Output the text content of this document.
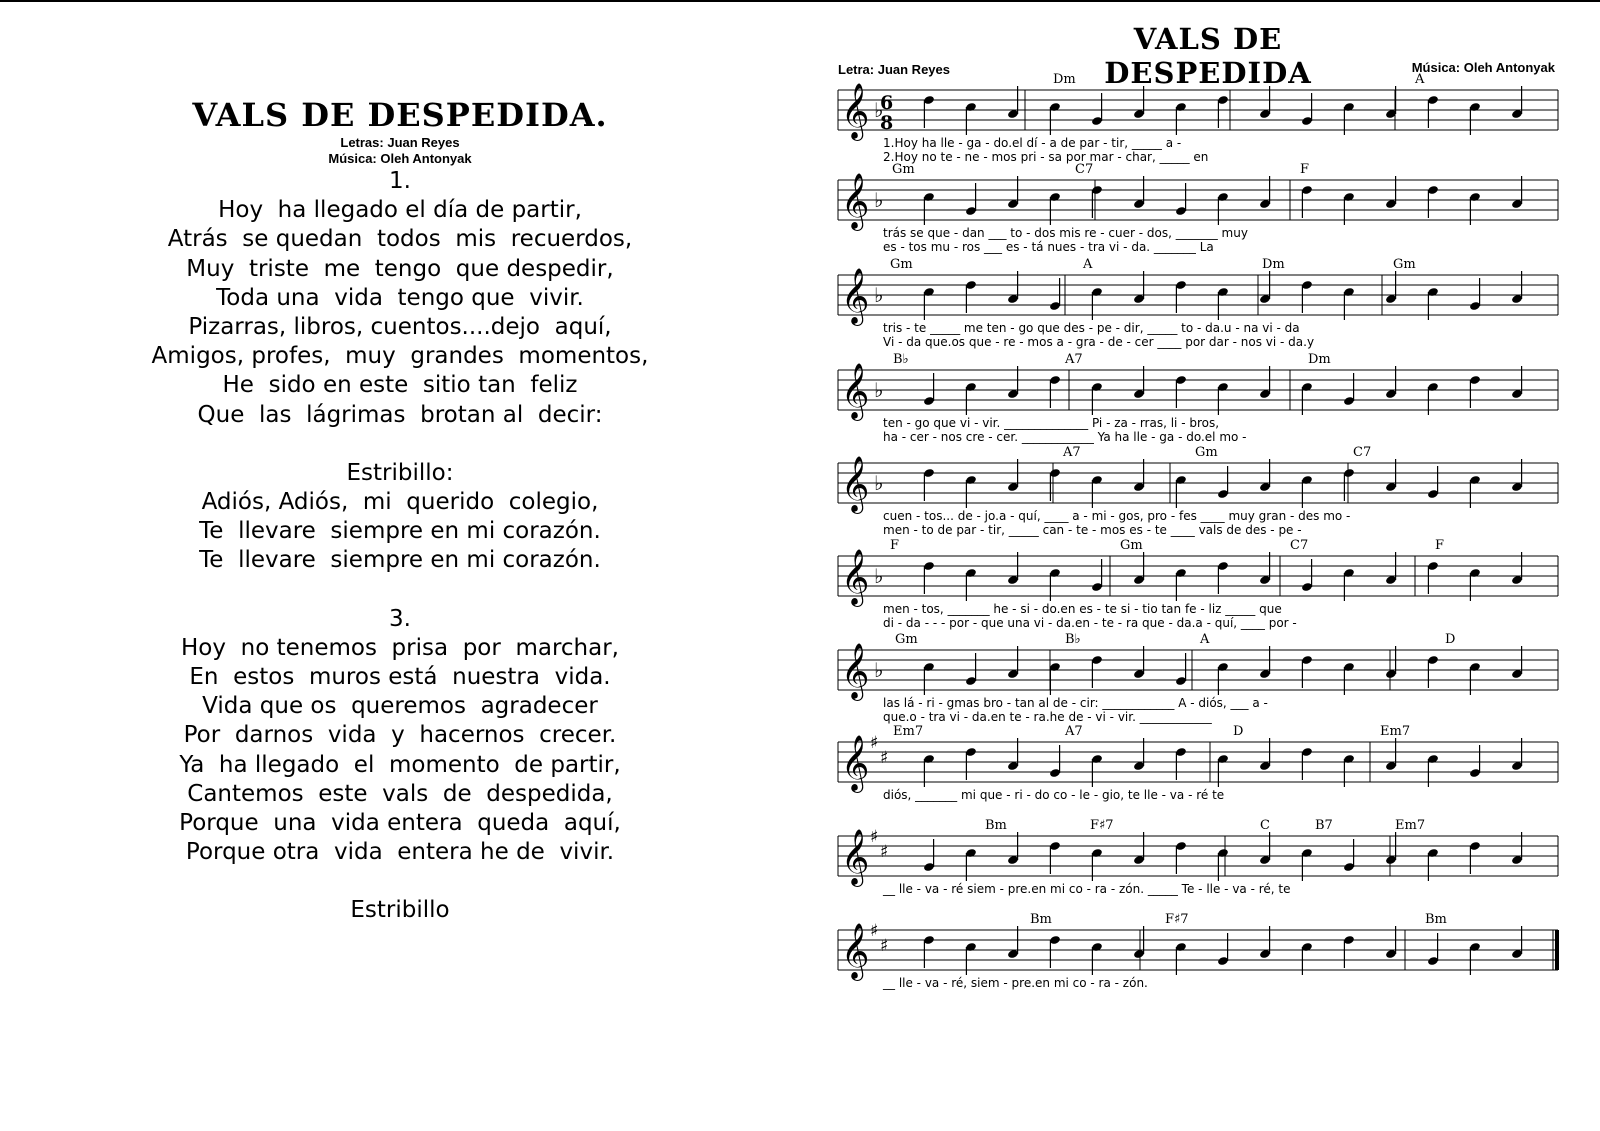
VALS DE DESPEDIDA.
Letras: Juan Reyes
Música: Oleh Antonyak
1.
Hoy  ha llegado el día de partir,
Atrás  se quedan  todos  mis  recuerdos,
Muy  triste  me  tengo  que despedir,
Toda una  vida  tengo que  vivir.
Pizarras, libros, cuentos....dejo  aquí,
Amigos, profes,  muy  grandes  momentos,
He  sido en este  sitio tan  feliz
Que  las  lágrimas  brotan al  decir:
Estribillo:
Adiós, Adiós,  mi  querido  colegio,
Te  llevare  siempre en mi corazón.
Te  llevare  siempre en mi corazón.
3.
Hoy  no tenemos  prisa  por  marchar,
En  estos  muros está  nuestra  vida.
Vida que os  queremos  agradecer
Por  darnos  vida  y  hacernos  crecer.
Ya  ha llegado  el  momento  de partir,
Cantemos  este  vals  de  despedida,
Porque  una  vida entera  queda  aquí,
Porque otra  vida  entera he de  vivir.
Estribillo
VALS DE DESPEDIDA
Letra: Juan Reyes	Música: Oleh Antonyak
𝄞 ♭
6
8
Dm	A
1.Hoy ha lle - ga - do.el dí - a de par - tir, _____ a -
2.Hoy no te - ne - mos pri - sa por mar - char, _____ en
𝄞 ♭
Gm	C7	F
trás se que - dan ___ to - dos mis re - cuer - dos, _______ muy
es - tos mu - ros ___ es - tá nues - tra vi - da. _______ La
𝄞 ♭
Gm	A	Dm	Gm
tris - te _____ me ten - go que des - pe - dir, _____ to - da.u - na vi - da
Vi - da que.os que - re - mos a - gra - de - cer ____ por dar - nos vi - da.y
𝄞 ♭
B♭	A7	Dm
ten - go que vi - vir. ______________ Pi - za - rras, li - bros,
ha - cer - nos cre - cer. ____________ Ya ha lle - ga - do.el mo -
𝄞 ♭
A7	Gm	C7
cuen - tos... de - jo.a - quí, ____ a - mi - gos, pro - fes ____ muy gran - des mo -
men - to de par - tir, _____ can - te - mos es - te ____ vals de des - pe -
𝄞 ♭
F	Gm	C7	F
men - tos, _______ he - si - do.en es - te si - tio tan fe - liz _____ que
di - da - - - por - que una vi - da.en - te - ra que - da.a - quí, ____ por -
𝄞 ♭
Gm	B♭	A	D
las lá - ri - gmas bro - tan al de - cir: ____________ A - diós, ___ a -
que.o - tra vi - da.en te - ra.he de - vi - vir. ____________
𝄞 ♯
♯
Em7	A7	D	Em7
diós, _______ mi que - ri - do co - le - gio, te lle - va - ré te
𝄞 ♯
♯
Bm	F♯7	C	B7	Em7
__ lle - va - ré siem - pre.en mi co - ra - zón. _____ Te - lle - va - ré, te
𝄞 ♯
♯
Bm	F♯7	Bm
__ lle - va - ré, siem - pre.en mi co - ra - zón.
